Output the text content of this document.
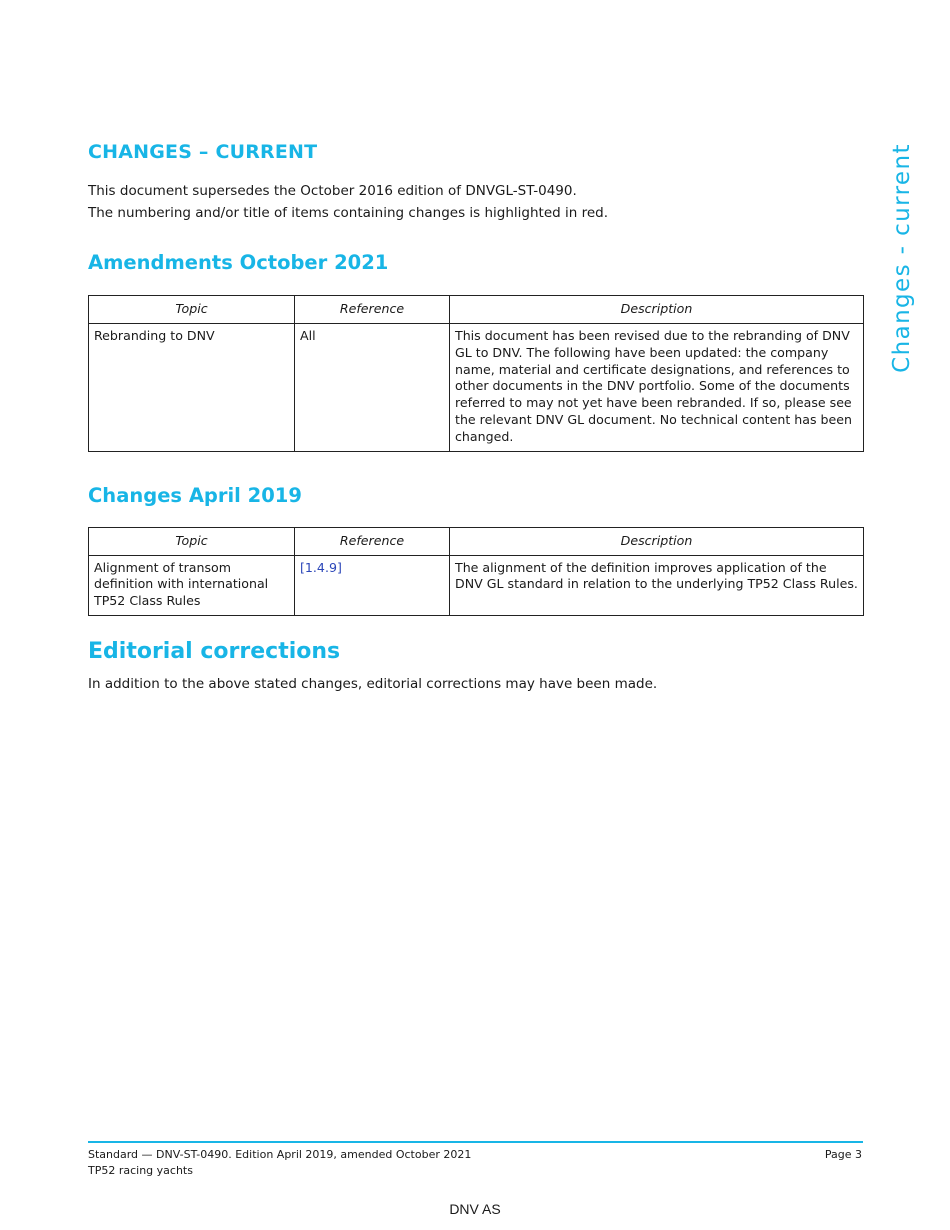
Changes - current
CHANGES – CURRENT

This document supersedes the October 2016 edition of DNVGL-ST-0490.

The numbering and/or title of items containing changes is highlighted in red.

Amendments October 2021
Topic	Reference	Description
Rebranding to DNV	All	This document has been revised due to the rebranding of DNV GL to DNV. The following have been updated: the company name, material and certificate designations, and references to other documents in the DNV portfolio. Some of the documents referred to may not yet have been rebranded. If so, please see the relevant DNV GL document. No technical content has been changed.
Changes April 2019
Topic	Reference	Description
Alignment of transom definition with international TP52 Class Rules	[1.4.9]	The alignment of the definition improves application of the DNV GL standard in relation to the underlying TP52 Class Rules.
Editorial corrections

In addition to the above stated changes, editorial corrections may have been made.

Standard — DNV-ST-0490. Edition April 2019, amended October 2021
TP52 racing yachts
Page 3
DNV AS
